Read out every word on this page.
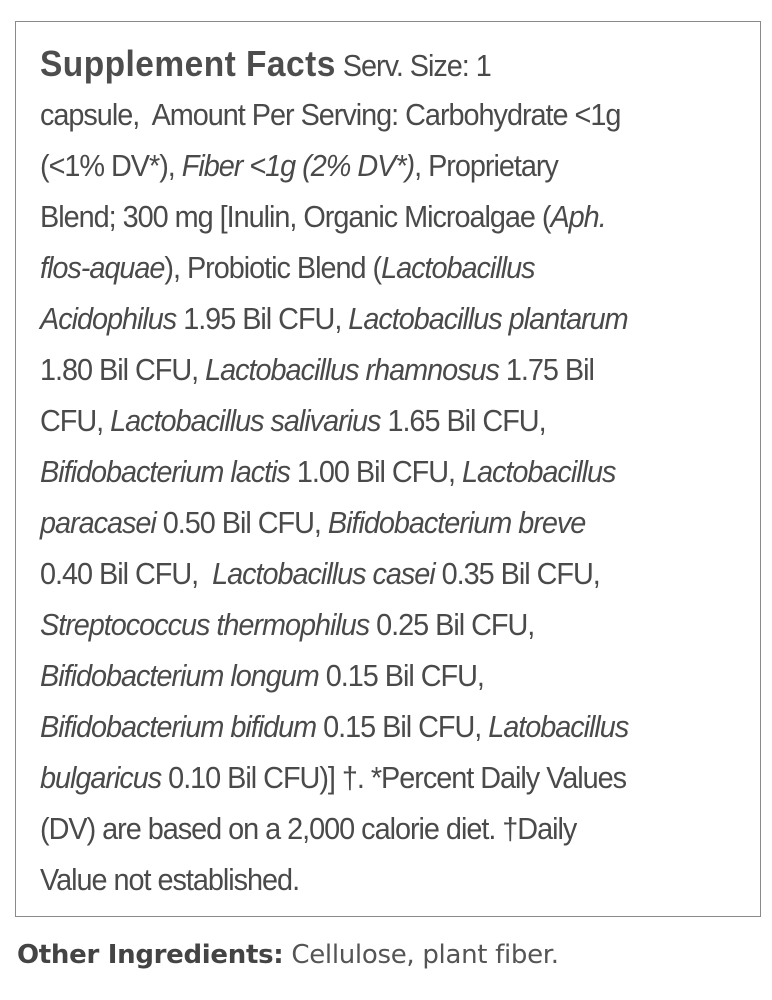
Supplement Facts Serv. Size: 1
capsule,  Amount Per Serving: Carbohydrate <1g
(<1% DV*), Fiber <1g (2% DV*), Proprietary
Blend; 300 mg [Inulin, Organic Microalgae (Aph.
flos-aquae), Probiotic Blend (Lactobacillus
Acidophilus 1.95 Bil CFU, Lactobacillus plantarum
1.80 Bil CFU, Lactobacillus rhamnosus 1.75 Bil
CFU, Lactobacillus salivarius 1.65 Bil CFU,
Bifidobacterium lactis 1.00 Bil CFU, Lactobacillus
paracasei 0.50 Bil CFU, Bifidobacterium breve
0.40 Bil CFU,  Lactobacillus casei 0.35 Bil CFU,
Streptococcus thermophilus 0.25 Bil CFU,
Bifidobacterium longum 0.15 Bil CFU,
Bifidobacterium bifidum 0.15 Bil CFU, Latobacillus
bulgaricus 0.10 Bil CFU)] †. *Percent Daily Values
(DV) are based on a 2,000 calorie diet. †Daily
Value not established.
Other Ingredients: Cellulose, plant fiber.
